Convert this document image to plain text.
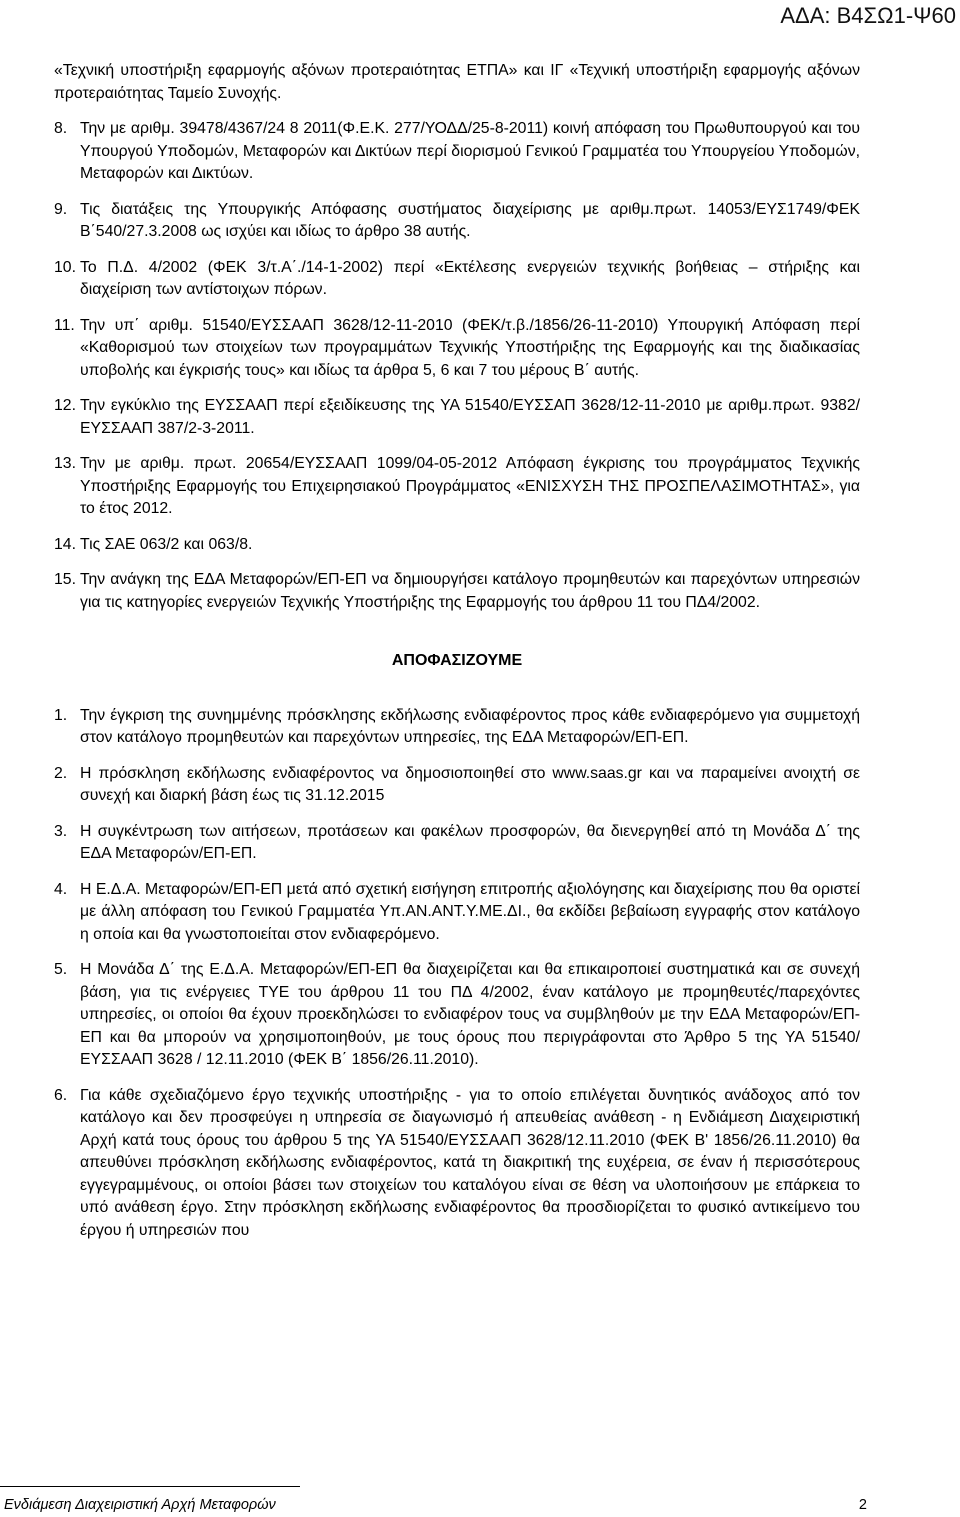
ΑΔΑ: Β4ΣΩ1-Ψ60
«Τεχνική υποστήριξη εφαρμογής αξόνων προτεραιότητας ΕΤΠΑ» και ΙΓ «Τεχνική υποστήριξη εφαρμογής αξόνων προτεραιότητας Ταμείο Συνοχής.
8. Την με αριθμ. 39478/4367/24 8 2011(Φ.Ε.Κ. 277/ΥΟΔΔ/25-8-2011) κοινή απόφαση του Πρωθυπουργού και του Υπουργού Υποδομών, Μεταφορών και Δικτύων περί διορισμού Γενικού Γραμματέα του Υπουργείου Υποδομών, Μεταφορών και Δικτύων.
9. Τις διατάξεις της Υπουργικής Απόφασης συστήματος διαχείρισης με αριθμ.πρωτ. 14053/ΕΥΣ1749/ΦΕΚ Β΄540/27.3.2008 ως ισχύει και ιδίως το άρθρο 38 αυτής.
10. Το Π.Δ. 4/2002 (ΦΕΚ 3/τ.Α΄./14-1-2002) περί «Εκτέλεσης ενεργειών τεχνικής βοήθειας – στήριξης και διαχείριση των αντίστοιχων πόρων.
11. Την υπ΄ αριθμ. 51540/ΕΥΣΣΑΑΠ 3628/12-11-2010 (ΦΕΚ/τ.β./1856/26-11-2010) Υπουργική Απόφαση περί «Καθορισμού των στοιχείων των προγραμμάτων Τεχνικής Υποστήριξης της Εφαρμογής και της διαδικασίας υποβολής και έγκρισής τους» και ιδίως τα άρθρα 5, 6 και 7 του μέρους Β΄ αυτής.
12. Την εγκύκλιο της ΕΥΣΣΑΑΠ περί εξειδίκευσης της ΥΑ 51540/ΕΥΣΣΑΠ 3628/12-11-2010 με αριθμ.πρωτ. 9382/ΕΥΣΣΑΑΠ 387/2-3-2011.
13. Την με αριθμ. πρωτ. 20654/ΕΥΣΣΑΑΠ 1099/04-05-2012 Απόφαση έγκρισης του προγράμματος Τεχνικής Υποστήριξης Εφαρμογής του Επιχειρησιακού Προγράμματος «ΕΝΙΣΧΥΣΗ ΤΗΣ ΠΡΟΣΠΕΛΑΣΙΜΟΤΗΤΑΣ», για το έτος 2012.
14. Τις ΣΑΕ 063/2 και 063/8.
15. Την ανάγκη της ΕΔΑ Μεταφορών/ΕΠ-ΕΠ να δημιουργήσει κατάλογο προμηθευτών και παρεχόντων υπηρεσιών για τις κατηγορίες ενεργειών Τεχνικής Υποστήριξης της Εφαρμογής του άρθρου 11 του ΠΔ4/2002.
ΑΠΟΦΑΣΙΖΟΥΜΕ
1. Την έγκριση της συνημμένης πρόσκλησης εκδήλωσης ενδιαφέροντος προς κάθε ενδιαφερόμενο για συμμετοχή στον κατάλογο προμηθευτών και παρεχόντων υπηρεσίες, της ΕΔΑ Μεταφορών/ΕΠ-ΕΠ.
2. Η πρόσκληση εκδήλωσης ενδιαφέροντος να δημοσιοποιηθεί στο www.saas.gr και να παραμείνει ανοιχτή σε συνεχή και διαρκή βάση έως τις 31.12.2015
3. Η συγκέντρωση των αιτήσεων, προτάσεων και φακέλων προσφορών, θα διενεργηθεί από τη Μονάδα Δ΄ της ΕΔΑ Μεταφορών/ΕΠ-ΕΠ.
4. Η Ε.Δ.Α. Μεταφορών/ΕΠ-ΕΠ μετά από σχετική εισήγηση επιτροπής αξιολόγησης και διαχείρισης που θα οριστεί με άλλη απόφαση του Γενικού Γραμματέα Υπ.ΑΝ.ΑΝΤ.Υ.ΜΕ.ΔΙ., θα εκδίδει βεβαίωση εγγραφής στον κατάλογο η οποία και θα γνωστοποιείται στον ενδιαφερόμενο.
5. Η Μονάδα Δ΄ της Ε.Δ.Α. Μεταφορών/ΕΠ-ΕΠ θα διαχειρίζεται και θα επικαιροποιεί συστηματικά και σε συνεχή βάση, για τις ενέργειες ΤΥΕ του άρθρου 11 του ΠΔ 4/2002, έναν κατάλογο με προμηθευτές/παρεχόντες υπηρεσίες, οι οποίοι θα έχουν προεκδηλώσει το ενδιαφέρον τους να συμβληθούν με την ΕΔΑ Μεταφορών/ΕΠ-ΕΠ και θα μπορούν να χρησιμοποιηθούν, με τους όρους που περιγράφονται στο Άρθρο 5 της ΥΑ 51540/ΕΥΣΣΑΑΠ 3628 / 12.11.2010 (ΦΕΚ Β΄ 1856/26.11.2010).
6. Για κάθε σχεδιαζόμενο έργο τεχνικής υποστήριξης - για το οποίο επιλέγεται δυνητικός ανάδοχος από τον κατάλογο και δεν προσφεύγει η υπηρεσία σε διαγωνισμό ή απευθείας ανάθεση - η Ενδιάμεση Διαχειριστική Αρχή κατά τους όρους του άρθρου 5 της ΥΑ 51540/ΕΥΣΣΑΑΠ 3628/12.11.2010 (ΦΕΚ Β' 1856/26.11.2010) θα απευθύνει πρόσκληση εκδήλωσης ενδιαφέροντος, κατά τη διακριτική της ευχέρεια, σε έναν ή περισσότερους εγγεγραμμένους, οι οποίοι βάσει των στοιχείων του καταλόγου είναι σε θέση να υλοποιήσουν με επάρκεια το υπό ανάθεση έργο. Στην πρόσκληση εκδήλωσης ενδιαφέροντος θα προσδιορίζεται το φυσικό αντικείμενο του έργου ή υπηρεσιών που
Ενδιάμεση Διαχειριστική Αρχή Μεταφορών	2
